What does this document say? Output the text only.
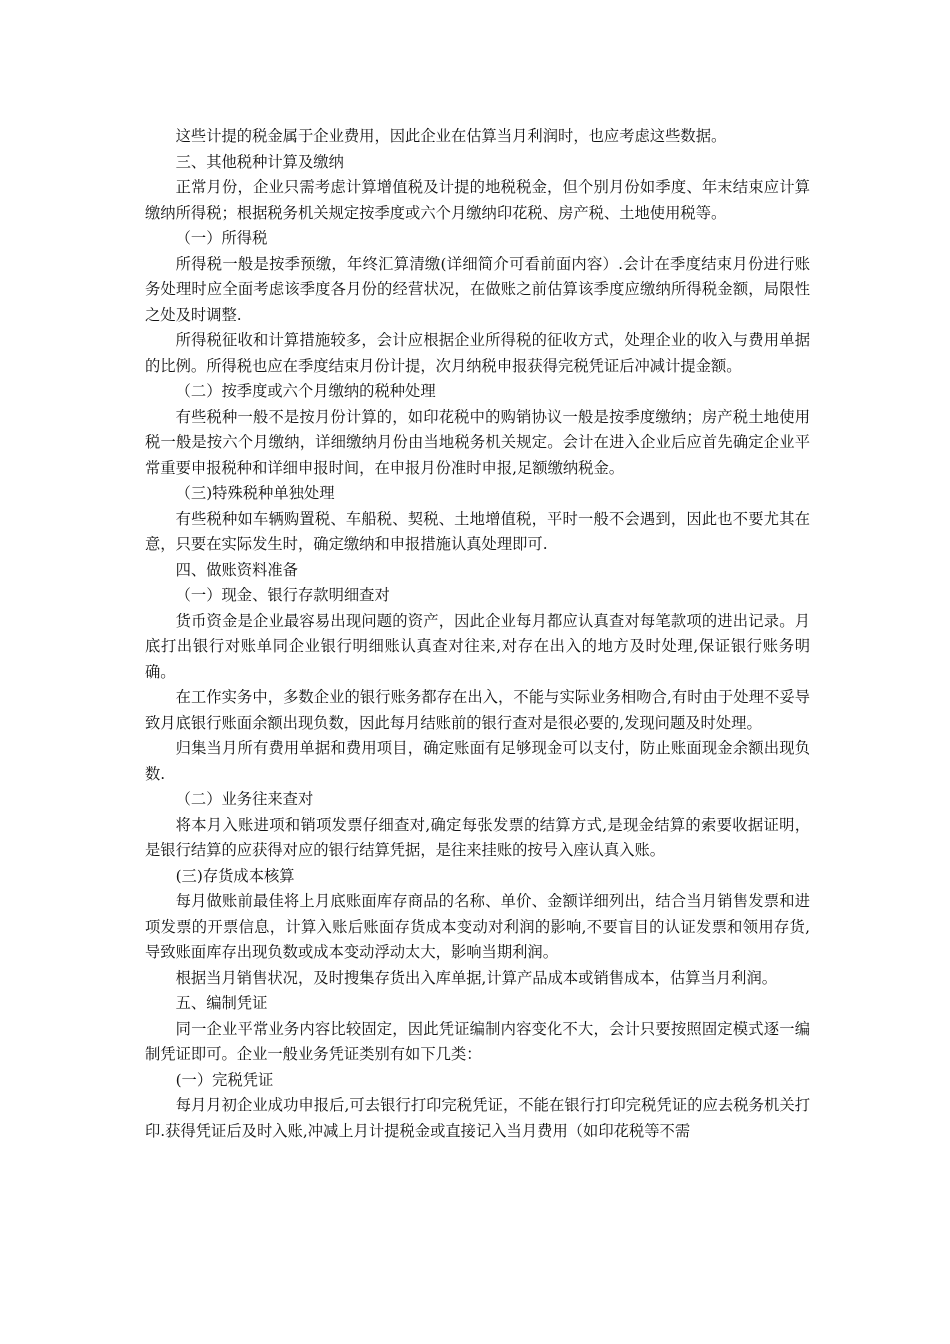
这些计提的税金属于企业费用，因此企业在估算当月利润时，也应考虑这些数据。

三、其他税种计算及缴纳

正常月份，企业只需考虑计算增值税及计提的地税税金，但个别月份如季度、年末结束应计算缴纳所得税；根据税务机关规定按季度或六个月缴纳印花税、房产税、土地使用税等。

（一）所得税

所得税一般是按季预缴，年终汇算清缴(详细简介可看前面内容）.会计在季度结束月份进行账务处理时应全面考虑该季度各月份的经营状况，在做账之前估算该季度应缴纳所得税金额，局限性之处及时调整.

所得税征收和计算措施较多，会计应根据企业所得税的征收方式，处理企业的收入与费用单据的比例。所得税也应在季度结束月份计提，次月纳税申报获得完税凭证后冲减计提金额。

（二）按季度或六个月缴纳的税种处理

有些税种一般不是按月份计算的，如印花税中的购销协议一般是按季度缴纳；房产税土地使用税一般是按六个月缴纳，详细缴纳月份由当地税务机关规定。会计在进入企业后应首先确定企业平常重要申报税种和详细申报时间，在申报月份准时申报,足额缴纳税金。

（三)特殊税种单独处理

有些税种如车辆购置税、车船税、契税、土地增值税，平时一般不会遇到，因此也不要尤其在意，只要在实际发生时，确定缴纳和申报措施认真处理即可.

四、做账资料准备

（一）现金、银行存款明细查对

货币资金是企业最容易出现问题的资产，因此企业每月都应认真查对每笔款项的进出记录。月底打出银行对账单同企业银行明细账认真查对往来,对存在出入的地方及时处理,保证银行账务明确。

在工作实务中，多数企业的银行账务都存在出入，不能与实际业务相吻合,有时由于处理不妥导致月底银行账面余额出现负数，因此每月结账前的银行查对是很必要的,发现问题及时处理。

归集当月所有费用单据和费用项目，确定账面有足够现金可以支付，防止账面现金余额出现负数.

（二）业务往来查对

将本月入账进项和销项发票仔细查对,确定每张发票的结算方式,是现金结算的索要收据证明，是银行结算的应获得对应的银行结算凭据，是往来挂账的按号入座认真入账。

(三)存货成本核算

每月做账前最佳将上月底账面库存商品的名称、单价、金额详细列出，结合当月销售发票和进项发票的开票信息，计算入账后账面存货成本变动对利润的影响,不要盲目的认证发票和领用存货,导致账面库存出现负数或成本变动浮动太大，影响当期利润。

根据当月销售状况，及时搜集存货出入库单据,计算产品成本或销售成本，估算当月利润。

五、编制凭证

同一企业平常业务内容比较固定，因此凭证编制内容变化不大，会计只要按照固定模式逐一编制凭证即可。企业一般业务凭证类别有如下几类：

(一）完税凭证

每月月初企业成功申报后,可去银行打印完税凭证，不能在银行打印完税凭证的应去税务机关打印.获得凭证后及时入账,冲减上月计提税金或直接记入当月费用（如印花税等不需
